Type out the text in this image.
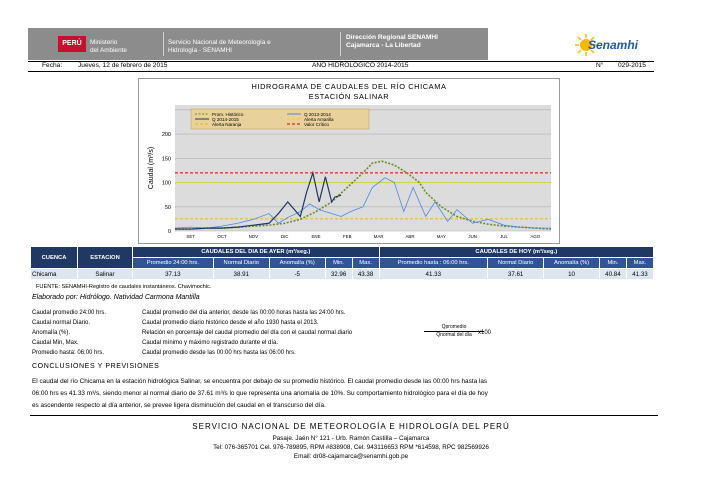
PERÚ	Ministerio
del Ambiente
Servicio Nacional de Meteorología e
Hidrología - SENAMHI
Dirección Regional SENAMHI
Cajamarca - La Libertad	Senamhi
Fecha: Jueves, 12 de febrero de 2015	AÑO HIDROLOGICO 2014-2015	N° 029-2015
HIDROGRAMA DE CAUDALES DEL RÍO CHICAMA
ESTACIÓN SALINAR
0
50
100
150
200
Caudal (m³/s)
SET	OCT	NOV	DIC	ENE	FEB	MAR	ABR	MAY	JUN	JUL	AGO
Prom. Histórico	Q 2013-2014
Q 2014-2015	Alerta Amarilla
Alerta Naranja	Valor Crítico
CUENCA	ESTACION	CAUDALES DEL DIA DE AYER (m³/seg.)					CAUDALES DE HOY (m³/seg.)				
		Promedio 24:00 hrs.	Normal Diario	Anomalía (%)	Min.	Max.	Promedio hasta : 06:00 hrs.	Normal Diario	Anomalía (%)	Min.	Max.
Chicama	Salinar	37.13	38.91	-5	32.96	43.38	41.33	37.61	10	40.84	41.33
FUENTE: SENAMHI-Registro de caudales instantáneos. Chavimochic.
Elaborado por: Hidrólogo. Natividad Carmona Mantilla
Caudal promedio 24:00 hrs.	Caudal promedio del día anterior, desde las 00:00 horas hasta las 24:00 hrs.
Caudal normal Diario.	Caudal promedio diario histórico desde el año 1930 hasta el 2013.
Anomalía (%).	Relación en porcentaje del caudal promedio del día con el caudal normal diario
Caudal Min, Max.	Caudal mínimo y máximo registrado durante el día.
Promedio hasta: 06:00 hrs.	Caudal promedio desde las 00:00 hrs hasta las 06:00 hrs.
Qpromedio
Qnormal del día	x100
CONCLUSIONES Y PREVISIONES
El caudal del río Chicama en la estación hidrológica Salinar, se encuentra por debajo de su promedio histórico. El caudal promedio desde las 00:00 hrs hasta las
06:00 hrs es 41.33 m³/s, siendo menor al normal diario de 37.61 m³/s lo que representa una anomalía de 10%. Su comportamiento hidrológico para el día de hoy
es ascendente respecto al día anterior, se prevee ligera disminución del caudal en el transcurso del día.
SERVICIO NACIONAL DE METEOROLOGÍA E HIDROLOGÍA DEL PERÚ
Pasaje. Jaén N° 121 - Urb. Ramón Castilla – Cajamarca
Tel: 076-365701 Cel. 976-789895, RPM #838908, Cel. 943116653 RPM *614598, RPC 982569926
Email: dr08-cajamarca@senamhi.gob.pe
